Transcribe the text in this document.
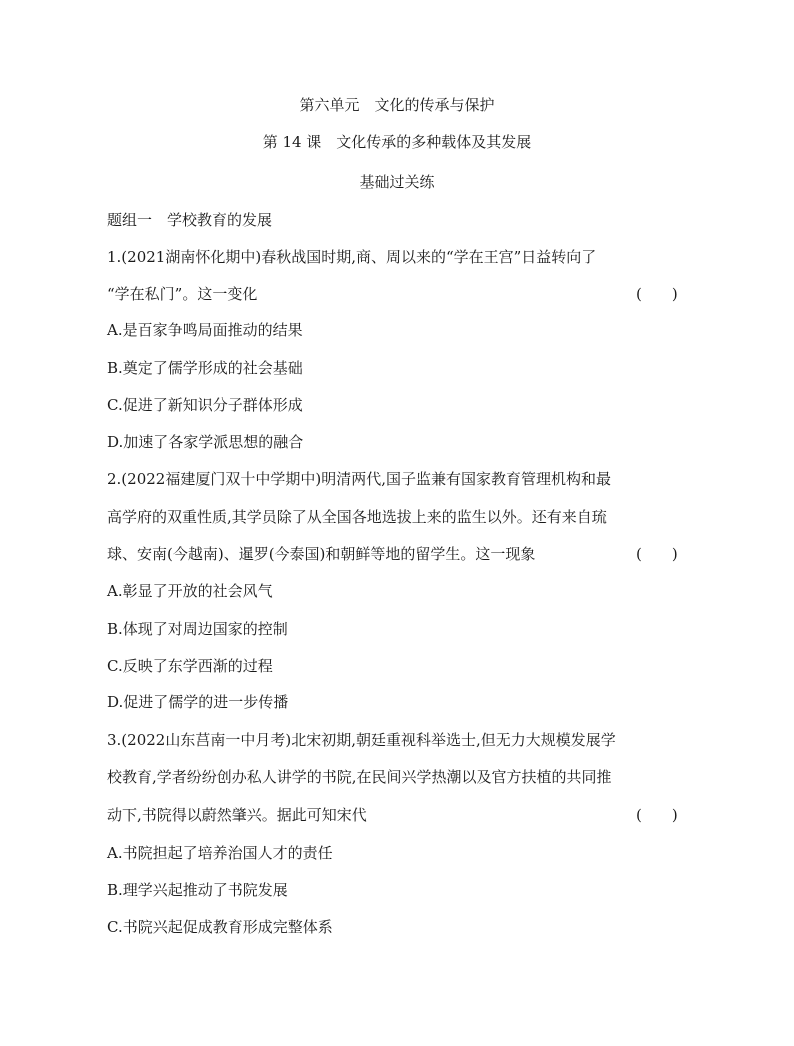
第六单元　文化的传承与保护
第 14 课　文化传承的多种载体及其发展
基础过关练
题组一　学校教育的发展
1.(2021湖南怀化期中)春秋战国时期,商、周以来的“学在王宫”日益转向了
“学在私门”。这一变化	(　　)
A.是百家争鸣局面推动的结果
B.奠定了儒学形成的社会基础
C.促进了新知识分子群体形成
D.加速了各家学派思想的融合
2.(2022福建厦门双十中学期中)明清两代,国子监兼有国家教育管理机构和最
高学府的双重性质,其学员除了从全国各地选拔上来的监生以外。还有来自琉
球、安南(今越南)、暹罗(今泰国)和朝鲜等地的留学生。这一现象	(　　)
A.彰显了开放的社会风气
B.体现了对周边国家的控制
C.反映了东学西渐的过程
D.促进了儒学的进一步传播
3.(2022山东莒南一中月考)北宋初期,朝廷重视科举选士,但无力大规模发展学
校教育,学者纷纷创办私人讲学的书院,在民间兴学热潮以及官方扶植的共同推
动下,书院得以蔚然肇兴。据此可知宋代	(　　)
A.书院担起了培养治国人才的责任
B.理学兴起推动了书院发展
C.书院兴起促成教育形成完整体系
